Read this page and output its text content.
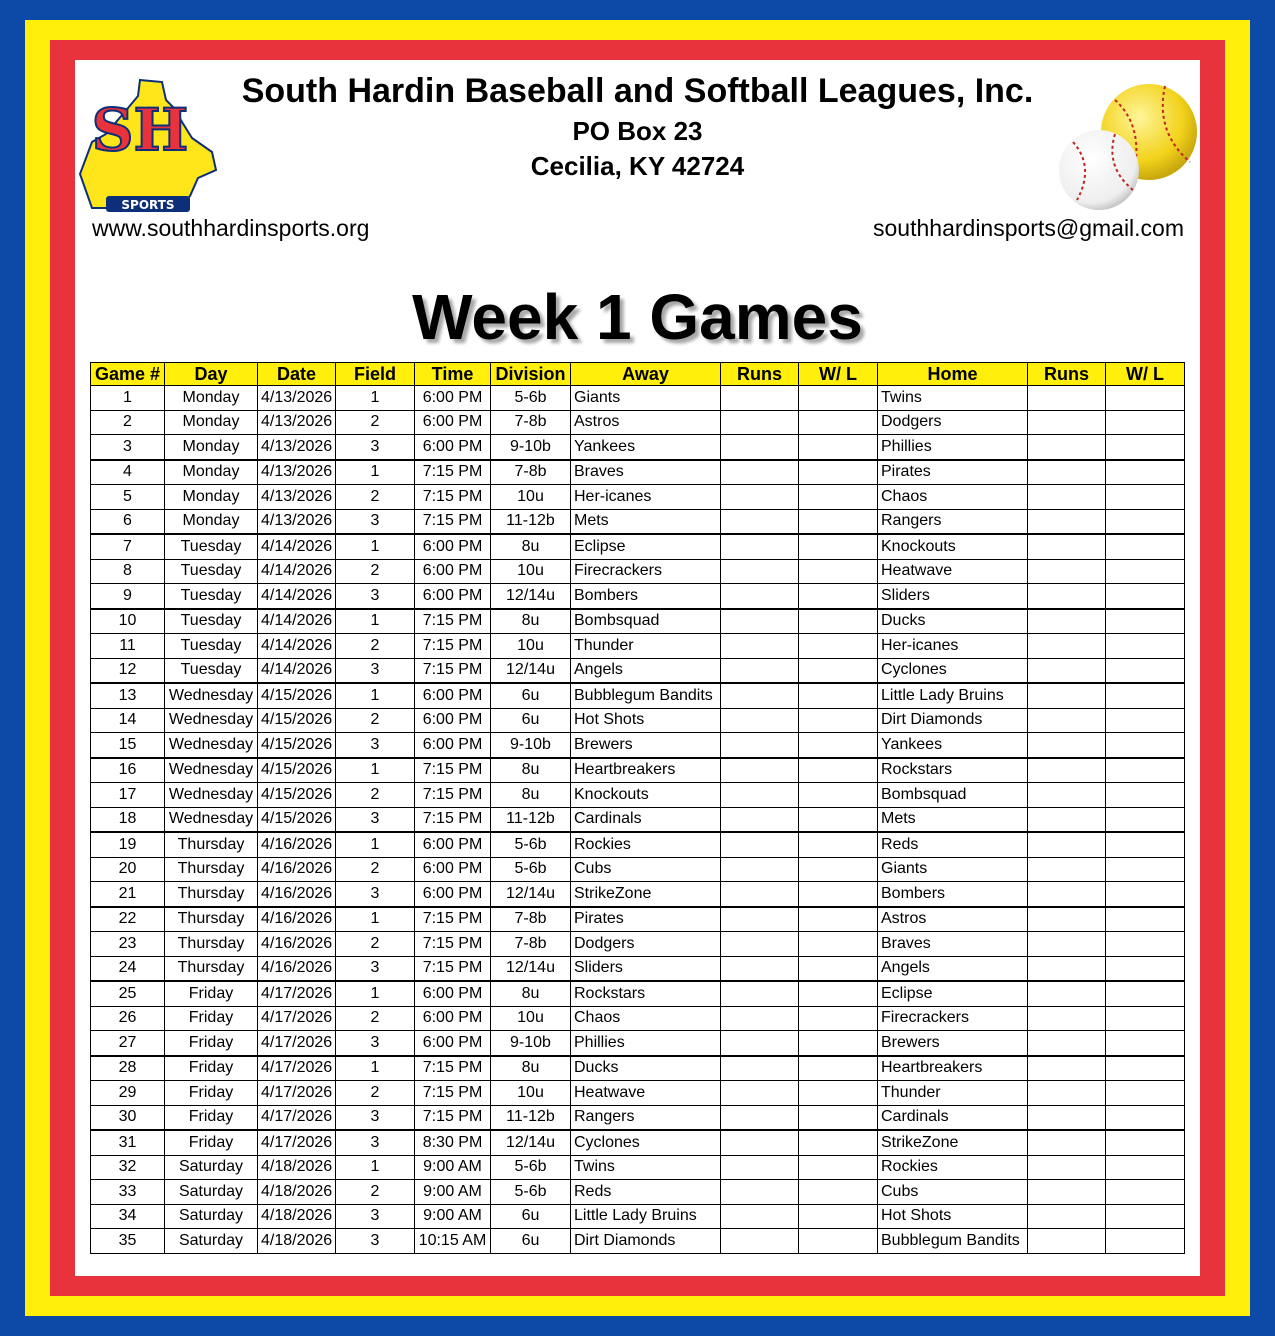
SH
SPORTS
South Hardin Baseball and Softball Leagues, Inc.
PO Box 23
Cecilia, KY 42724
www.southhardinsports.org	southhardinsports@gmail.com
Week 1 Games
Game #	Day	Date	Field	Time	Division	Away	Runs	W/ L	Home	Runs	W/ L
1	Monday	4/13/2026	1	6:00 PM	5-6b	Giants			Twins		
2	Monday	4/13/2026	2	6:00 PM	7-8b	Astros			Dodgers		
3	Monday	4/13/2026	3	6:00 PM	9-10b	Yankees			Phillies		
4	Monday	4/13/2026	1	7:15 PM	7-8b	Braves			Pirates		
5	Monday	4/13/2026	2	7:15 PM	10u	Her-icanes			Chaos		
6	Monday	4/13/2026	3	7:15 PM	11-12b	Mets			Rangers		
7	Tuesday	4/14/2026	1	6:00 PM	8u	Eclipse			Knockouts		
8	Tuesday	4/14/2026	2	6:00 PM	10u	Firecrackers			Heatwave		
9	Tuesday	4/14/2026	3	6:00 PM	12/14u	Bombers			Sliders		
10	Tuesday	4/14/2026	1	7:15 PM	8u	Bombsquad			Ducks		
11	Tuesday	4/14/2026	2	7:15 PM	10u	Thunder			Her-icanes		
12	Tuesday	4/14/2026	3	7:15 PM	12/14u	Angels			Cyclones		
13	Wednesday	4/15/2026	1	6:00 PM	6u	Bubblegum Bandits			Little Lady Bruins		
14	Wednesday	4/15/2026	2	6:00 PM	6u	Hot Shots			Dirt Diamonds		
15	Wednesday	4/15/2026	3	6:00 PM	9-10b	Brewers			Yankees		
16	Wednesday	4/15/2026	1	7:15 PM	8u	Heartbreakers			Rockstars		
17	Wednesday	4/15/2026	2	7:15 PM	8u	Knockouts			Bombsquad		
18	Wednesday	4/15/2026	3	7:15 PM	11-12b	Cardinals			Mets		
19	Thursday	4/16/2026	1	6:00 PM	5-6b	Rockies			Reds		
20	Thursday	4/16/2026	2	6:00 PM	5-6b	Cubs			Giants		
21	Thursday	4/16/2026	3	6:00 PM	12/14u	StrikeZone			Bombers		
22	Thursday	4/16/2026	1	7:15 PM	7-8b	Pirates			Astros		
23	Thursday	4/16/2026	2	7:15 PM	7-8b	Dodgers			Braves		
24	Thursday	4/16/2026	3	7:15 PM	12/14u	Sliders			Angels		
25	Friday	4/17/2026	1	6:00 PM	8u	Rockstars			Eclipse		
26	Friday	4/17/2026	2	6:00 PM	10u	Chaos			Firecrackers		
27	Friday	4/17/2026	3	6:00 PM	9-10b	Phillies			Brewers		
28	Friday	4/17/2026	1	7:15 PM	8u	Ducks			Heartbreakers		
29	Friday	4/17/2026	2	7:15 PM	10u	Heatwave			Thunder		
30	Friday	4/17/2026	3	7:15 PM	11-12b	Rangers			Cardinals		
31	Friday	4/17/2026	3	8:30 PM	12/14u	Cyclones			StrikeZone		
32	Saturday	4/18/2026	1	9:00 AM	5-6b	Twins			Rockies		
33	Saturday	4/18/2026	2	9:00 AM	5-6b	Reds			Cubs		
34	Saturday	4/18/2026	3	9:00 AM	6u	Little Lady Bruins			Hot Shots		
35	Saturday	4/18/2026	3	10:15 AM	6u	Dirt Diamonds			Bubblegum Bandits		
